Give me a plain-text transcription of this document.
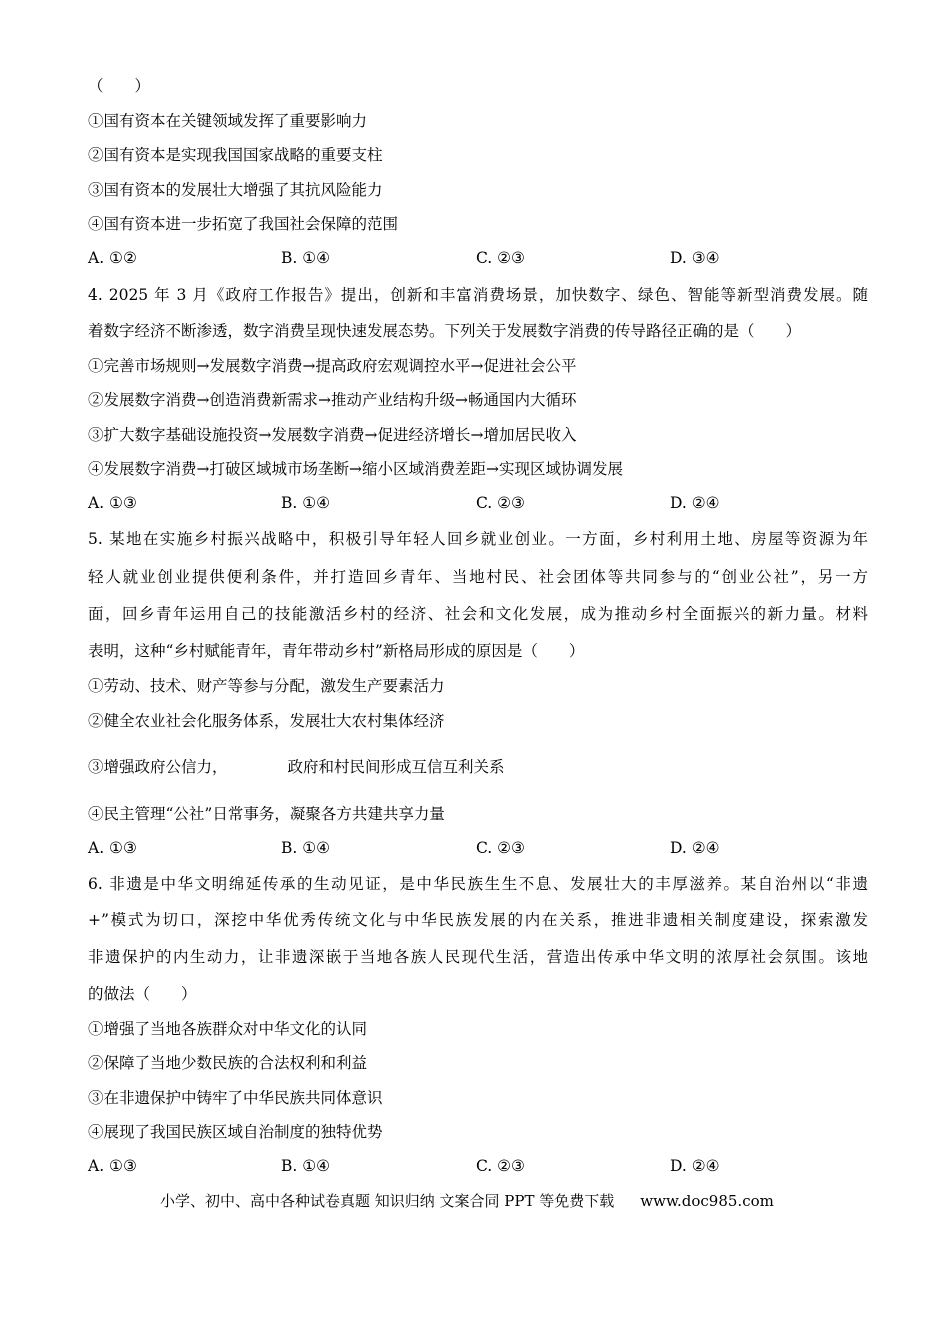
（　　）
①国有资本在关键领域发挥了重要影响力
②国有资本是实现我国国家战略的重要支柱
③国有资本的发展壮大增强了其抗风险能力
④国有资本进一步拓宽了我国社会保障的范围
A. ①②	B. ①④	C. ②③	D. ③④
4. 2025 年 3 月《政府工作报告》提出，创新和丰富消费场景，加快数字、绿色、智能等新型消费发展。随
着数字经济不断渗透，数字消费呈现快速发展态势。下列关于发展数字消费的传导路径正确的是（　　）
①完善市场规则→发展数字消费→提高政府宏观调控水平→促进社会公平
②发展数字消费→创造消费新需求→推动产业结构升级→畅通国内大循环
③扩大数字基础设施投资→发展数字消费→促进经济增长→增加居民收入
④发展数字消费→打破区域城市场垄断→缩小区域消费差距→实现区域协调发展
A. ①③	B. ①④	C. ②③	D. ②④
5. 某地在实施乡村振兴战略中，积极引导年轻人回乡就业创业。一方面，乡村利用土地、房屋等资源为年
轻人就业创业提供便利条件，并打造回乡青年、当地村民、社会团体等共同参与的“创业公社”，另一方
面，回乡青年运用自己的技能激活乡村的经济、社会和文化发展，成为推动乡村全面振兴的新力量。材料
表明，这种“乡村赋能青年，青年带动乡村”新格局形成的原因是（　　）
①劳动、技术、财产等参与分配，激发生产要素活力
②健全农业社会化服务体系，发展壮大农村集体经济
③增强政府公信力，	政府和村民间形成互信互利关系
④民主管理“公社”日常事务，凝聚各方共建共享力量
A. ①③	B. ①④	C. ②③	D. ②④
6. 非遗是中华文明绵延传承的生动见证，是中华民族生生不息、发展壮大的丰厚滋养。某自治州以“非遗
+”模式为切口，深挖中华优秀传统文化与中华民族发展的内在关系，推进非遗相关制度建设，探索激发
非遗保护的内生动力，让非遗深嵌于当地各族人民现代生活，营造出传承中华文明的浓厚社会氛围。该地
的做法（　　）
①增强了当地各族群众对中华文化的认同
②保障了当地少数民族的合法权利和利益
③在非遗保护中铸牢了中华民族共同体意识
④展现了我国民族区域自治制度的独特优势
A. ①③	B. ①④	C. ②③	D. ②④
小学、初中、高中各种试卷真题 知识归纳 文案合同 PPT 等免费下载 www.doc985.com
